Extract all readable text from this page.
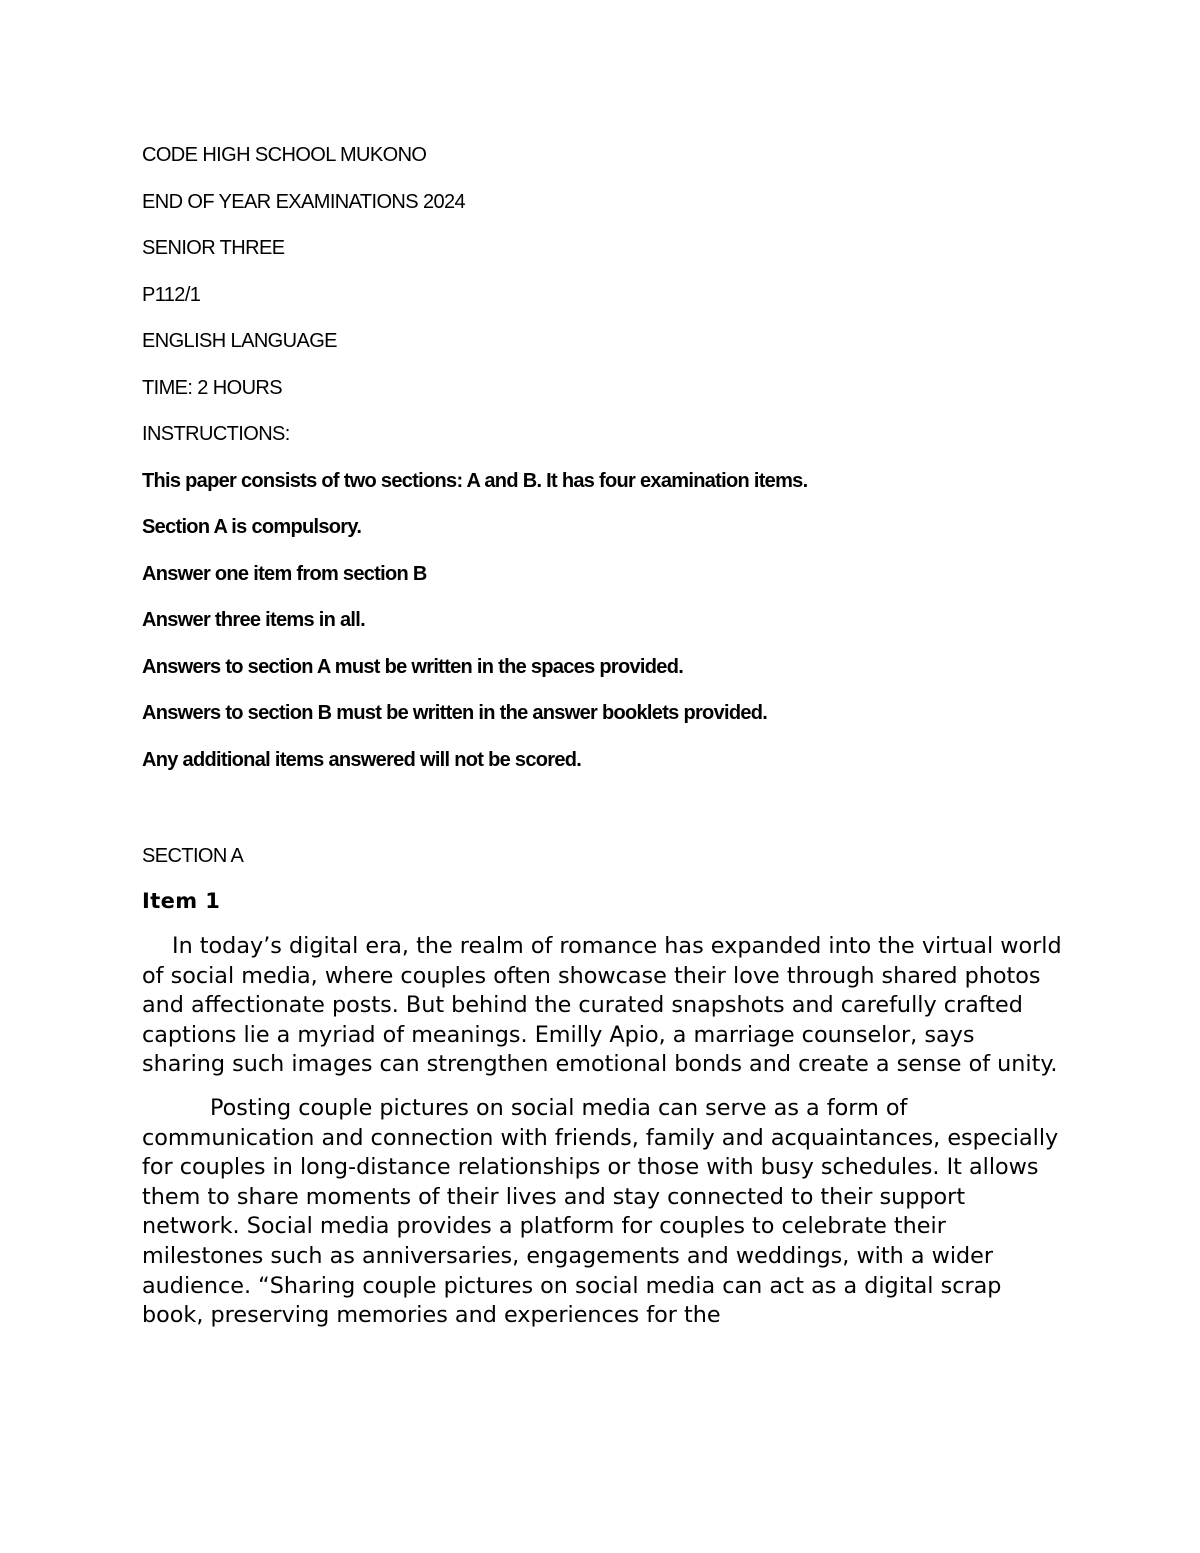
CODE HIGH SCHOOL MUKONO
END OF YEAR EXAMINATIONS 2024
SENIOR THREE
P112/1
ENGLISH LANGUAGE
TIME: 2 HOURS
INSTRUCTIONS:
This paper consists of two sections: A and B. It has four examination items.
Section A is compulsory.
Answer one item from section B
Answer three items in all.
Answers to section A must be written in the spaces provided.
Answers to section B must be written in the answer booklets provided.
Any additional items answered will not be scored.
SECTION A
Item 1

In today’s digital era, the realm of romance has expanded into the virtual world of social media, where couples often showcase their love through shared photos and affectionate posts. But behind the curated snapshots and carefully crafted captions lie a myriad of meanings. Emilly Apio, a marriage counselor, says sharing such images can strengthen emotional bonds and create a sense of unity.

Posting couple pictures on social media can serve as a form of communication and connection with friends, family and acquaintances, especially for couples in long-distance relationships or those with busy schedules. It allows them to share moments of their lives and stay connected to their support network. Social media provides a platform for couples to celebrate their milestones such as anniversaries, engagements and weddings, with a wider audience. “Sharing couple pictures on social media can act as a digital scrap book, preserving memories and experiences for the
